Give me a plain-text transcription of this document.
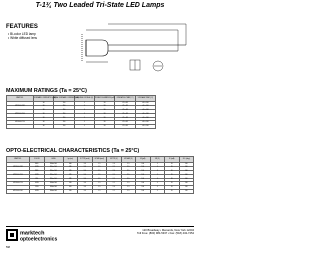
T-1¾ Two Leaded Tri-State LED Lamps
FEATURES
• Bi-color LED lamp
• White diffused lens
MAXIMUM RATINGS (Ta = 25°C)
PART NO.	FORWARD CURRENT IF (mA)	PEAK FORWARD CURRENT (mA)	REVERSE VOLTAGE (V)	POWER DISSIPATION (mW)	OPERATING TEMP (°C)	STORAGE TEMP (°C)
	30	150	5	90	-25~+85	-40~+100
MT6100-CUR	30	150	5	90	-25~+85	-40~+100
	30	150	5	90	-25~+85	-40~+100
MT6100-CUG	30	150	5	90	-25~+85	-40~+100
	30	150	5	90	-25~+85	-40~+100
MT6100-CYG	30	150	5	90	-25~+85	-40~+100
	30	150	5	90	-25~+85	-40~+100
OPTO-ELECTRICAL CHARACTERISTICS (Ta = 25°C)
PART NO.	COLOR	LENS	λp (nm)	IV TYP (mcd)	IV MIN (mcd)	VF TYP (V)	VF MAX (V)	IR (μA)	VR (V)	IF (mA)	2θ½ (deg)
	RED	White Diff.	660	3.0	1.5	2.0	2.5	100	5	20	100
MT6100-CUR	GRN	White Diff.	565	3.0	1.5	2.1	2.5	100	5	20	100
	RED	White Diff.	635	3.0	1.5	2.0	2.5	100	5	20	100
MT6100-CUG	GRN	White Diff.	565	3.0	1.5	2.1	2.5	100	5	20	100
	YEL	White Diff.	585	3.0	1.5	2.1	2.5	100	5	20	100
MT6100-CYG	GRN	White Diff.	565	3.0	1.5	2.1	2.5	100	5	20	100
	ORG	White Diff.	610	3.0	1.5	2.0	2.5	100	5	20	100
MT6100-CGO	GRN	White Diff.	565	3.0	1.5	2.1	2.5	100	5	20	100
marktech
optoelectronics
120 Broadway • Menands, New York 12204
Toll Free: (800) 984-5337 • Fax: (518) 432-7454
598
